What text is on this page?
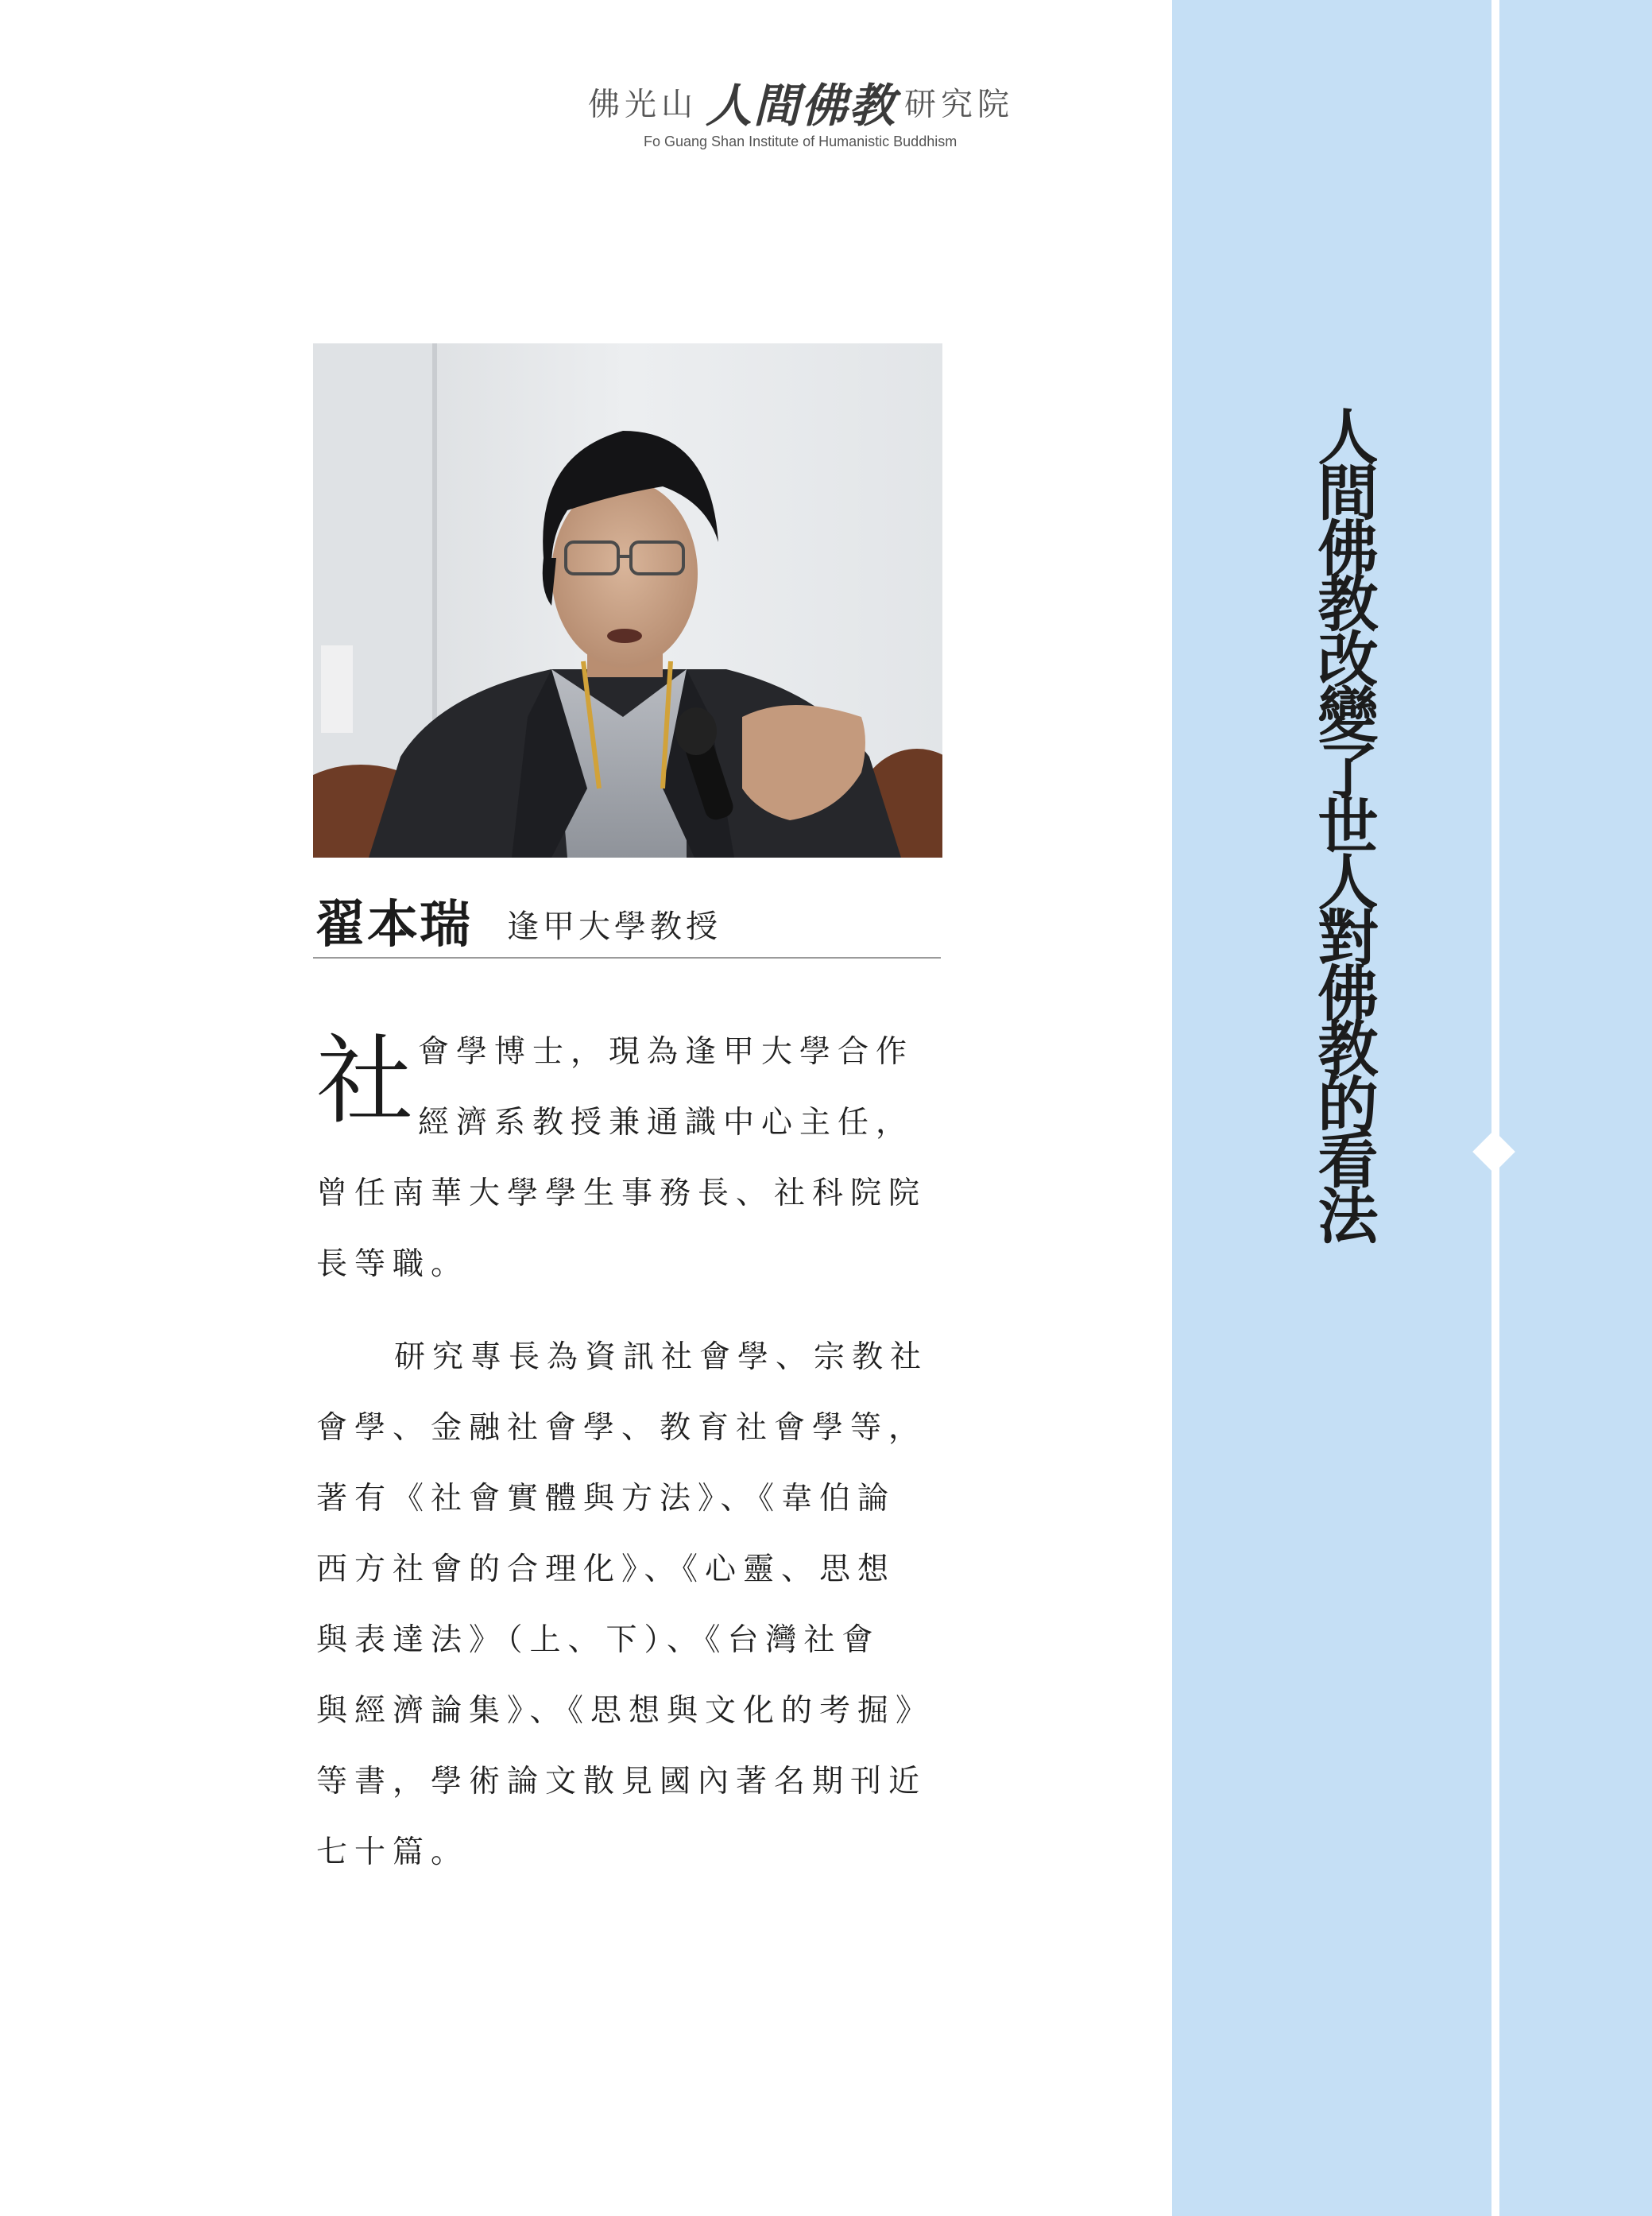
人間佛教改變了世人對佛教的看法
佛光山 人間佛教 研究院
Fo Guang Shan Institute of Humanistic Buddhism
翟本瑞 逢甲大學教授
社 會學博士，現為逢甲大學合作
經濟系教授兼通識中心主任，
曾任南華大學學生事務長、社科院院
長等職。
研究專長為資訊社會學、宗教社
會學、金融社會學、教育社會學等，
著有《社會實體與方法》、《韋伯論
西方社會的合理化》、《心靈、思想
與表達法》（上、下）、《台灣社會
與經濟論集》、《思想與文化的考掘》
等書，學術論文散見國內著名期刊近
七十篇。
